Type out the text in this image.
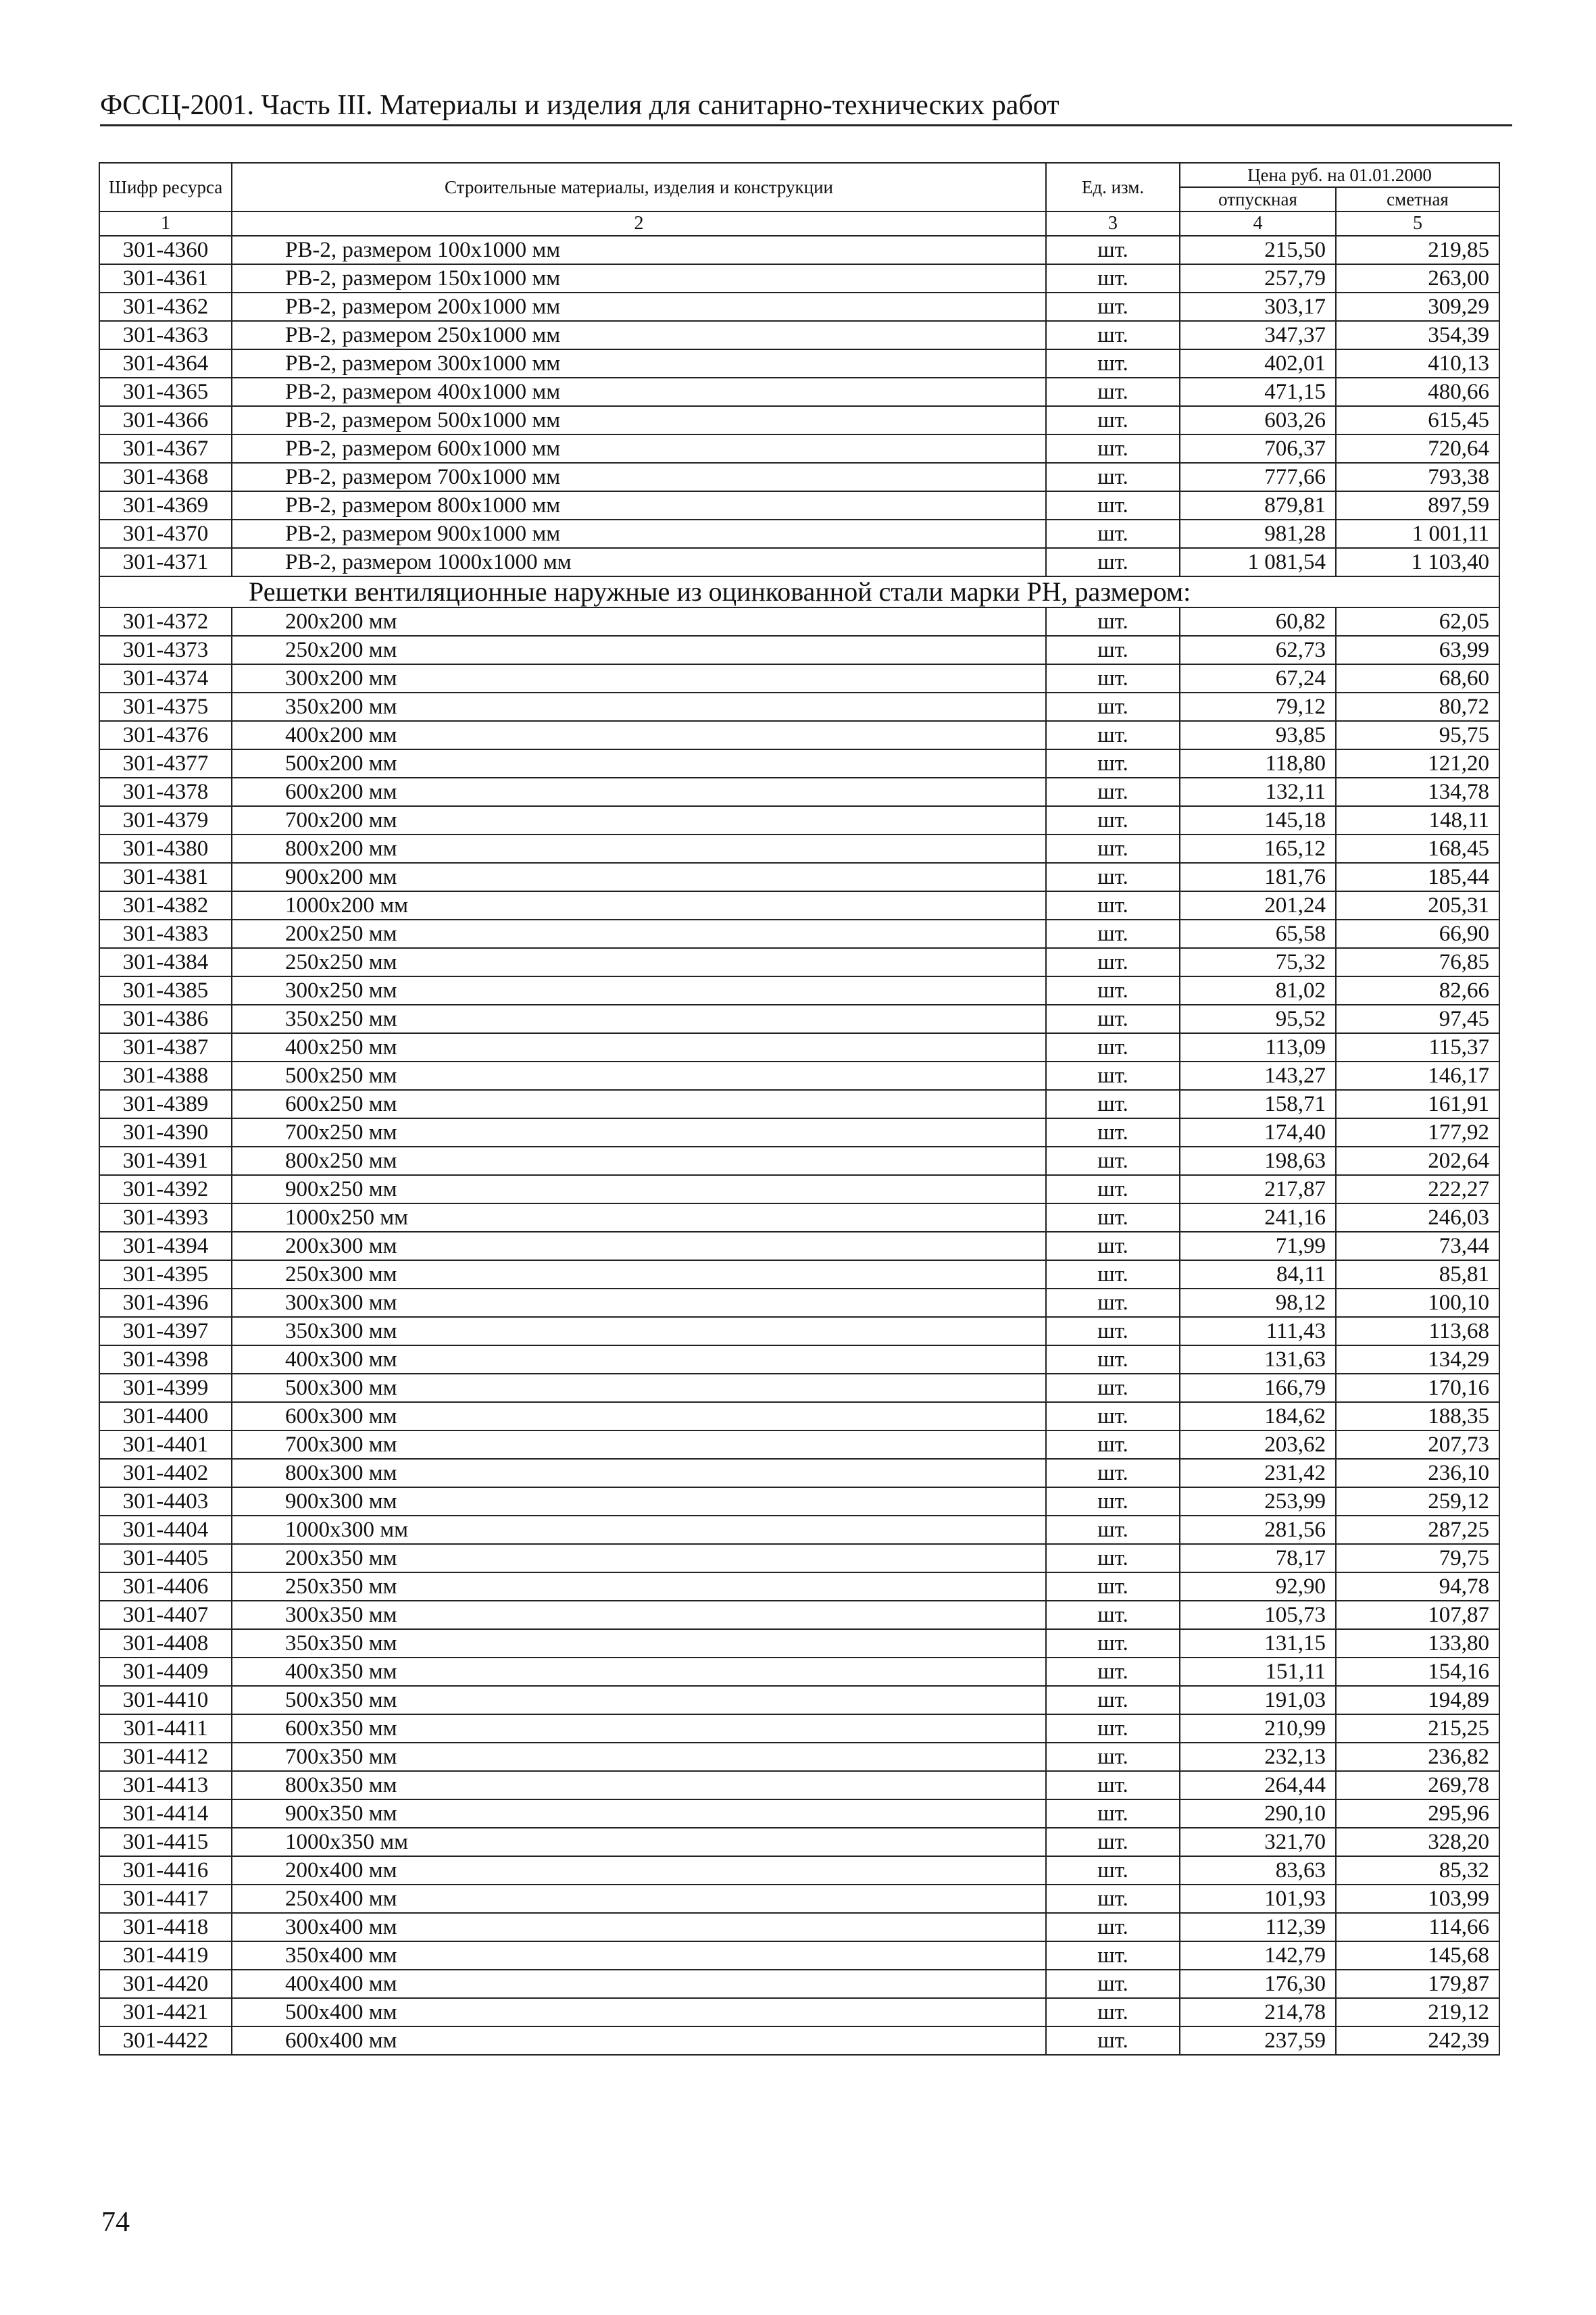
ФССЦ-2001. Часть III. Материалы и изделия для санитарно-технических работ
Шифр ресурса	Строительные материалы, изделия и конструкции	Ед. изм.	Цена руб. на 01.01.2000	
			отпускная	сметная
1	2	3	4	5
301-4360	РВ-2, размером 100x1000 мм	шт.	215,50	219,85
301-4361	РВ-2, размером 150x1000 мм	шт.	257,79	263,00
301-4362	РВ-2, размером 200x1000 мм	шт.	303,17	309,29
301-4363	РВ-2, размером 250x1000 мм	шт.	347,37	354,39
301-4364	РВ-2, размером 300x1000 мм	шт.	402,01	410,13
301-4365	РВ-2, размером 400x1000 мм	шт.	471,15	480,66
301-4366	РВ-2, размером 500x1000 мм	шт.	603,26	615,45
301-4367	РВ-2, размером 600x1000 мм	шт.	706,37	720,64
301-4368	РВ-2, размером 700x1000 мм	шт.	777,66	793,38
301-4369	РВ-2, размером 800x1000 мм	шт.	879,81	897,59
301-4370	РВ-2, размером 900x1000 мм	шт.	981,28	1 001,11
301-4371	РВ-2, размером 1000x1000 мм	шт.	1 081,54	1 103,40
Решетки вентиляционные наружные из оцинкованной стали марки РН, размером:				
301-4372	200x200 мм	шт.	60,82	62,05
301-4373	250x200 мм	шт.	62,73	63,99
301-4374	300x200 мм	шт.	67,24	68,60
301-4375	350x200 мм	шт.	79,12	80,72
301-4376	400x200 мм	шт.	93,85	95,75
301-4377	500x200 мм	шт.	118,80	121,20
301-4378	600x200 мм	шт.	132,11	134,78
301-4379	700x200 мм	шт.	145,18	148,11
301-4380	800x200 мм	шт.	165,12	168,45
301-4381	900x200 мм	шт.	181,76	185,44
301-4382	1000x200 мм	шт.	201,24	205,31
301-4383	200x250 мм	шт.	65,58	66,90
301-4384	250x250 мм	шт.	75,32	76,85
301-4385	300x250 мм	шт.	81,02	82,66
301-4386	350x250 мм	шт.	95,52	97,45
301-4387	400x250 мм	шт.	113,09	115,37
301-4388	500x250 мм	шт.	143,27	146,17
301-4389	600x250 мм	шт.	158,71	161,91
301-4390	700x250 мм	шт.	174,40	177,92
301-4391	800x250 мм	шт.	198,63	202,64
301-4392	900x250 мм	шт.	217,87	222,27
301-4393	1000x250 мм	шт.	241,16	246,03
301-4394	200x300 мм	шт.	71,99	73,44
301-4395	250x300 мм	шт.	84,11	85,81
301-4396	300x300 мм	шт.	98,12	100,10
301-4397	350x300 мм	шт.	111,43	113,68
301-4398	400x300 мм	шт.	131,63	134,29
301-4399	500x300 мм	шт.	166,79	170,16
301-4400	600x300 мм	шт.	184,62	188,35
301-4401	700x300 мм	шт.	203,62	207,73
301-4402	800x300 мм	шт.	231,42	236,10
301-4403	900x300 мм	шт.	253,99	259,12
301-4404	1000x300 мм	шт.	281,56	287,25
301-4405	200x350 мм	шт.	78,17	79,75
301-4406	250x350 мм	шт.	92,90	94,78
301-4407	300x350 мм	шт.	105,73	107,87
301-4408	350x350 мм	шт.	131,15	133,80
301-4409	400x350 мм	шт.	151,11	154,16
301-4410	500x350 мм	шт.	191,03	194,89
301-4411	600x350 мм	шт.	210,99	215,25
301-4412	700x350 мм	шт.	232,13	236,82
301-4413	800x350 мм	шт.	264,44	269,78
301-4414	900x350 мм	шт.	290,10	295,96
301-4415	1000x350 мм	шт.	321,70	328,20
301-4416	200x400 мм	шт.	83,63	85,32
301-4417	250x400 мм	шт.	101,93	103,99
301-4418	300x400 мм	шт.	112,39	114,66
301-4419	350x400 мм	шт.	142,79	145,68
301-4420	400x400 мм	шт.	176,30	179,87
301-4421	500x400 мм	шт.	214,78	219,12
301-4422	600x400 мм	шт.	237,59	242,39
74
